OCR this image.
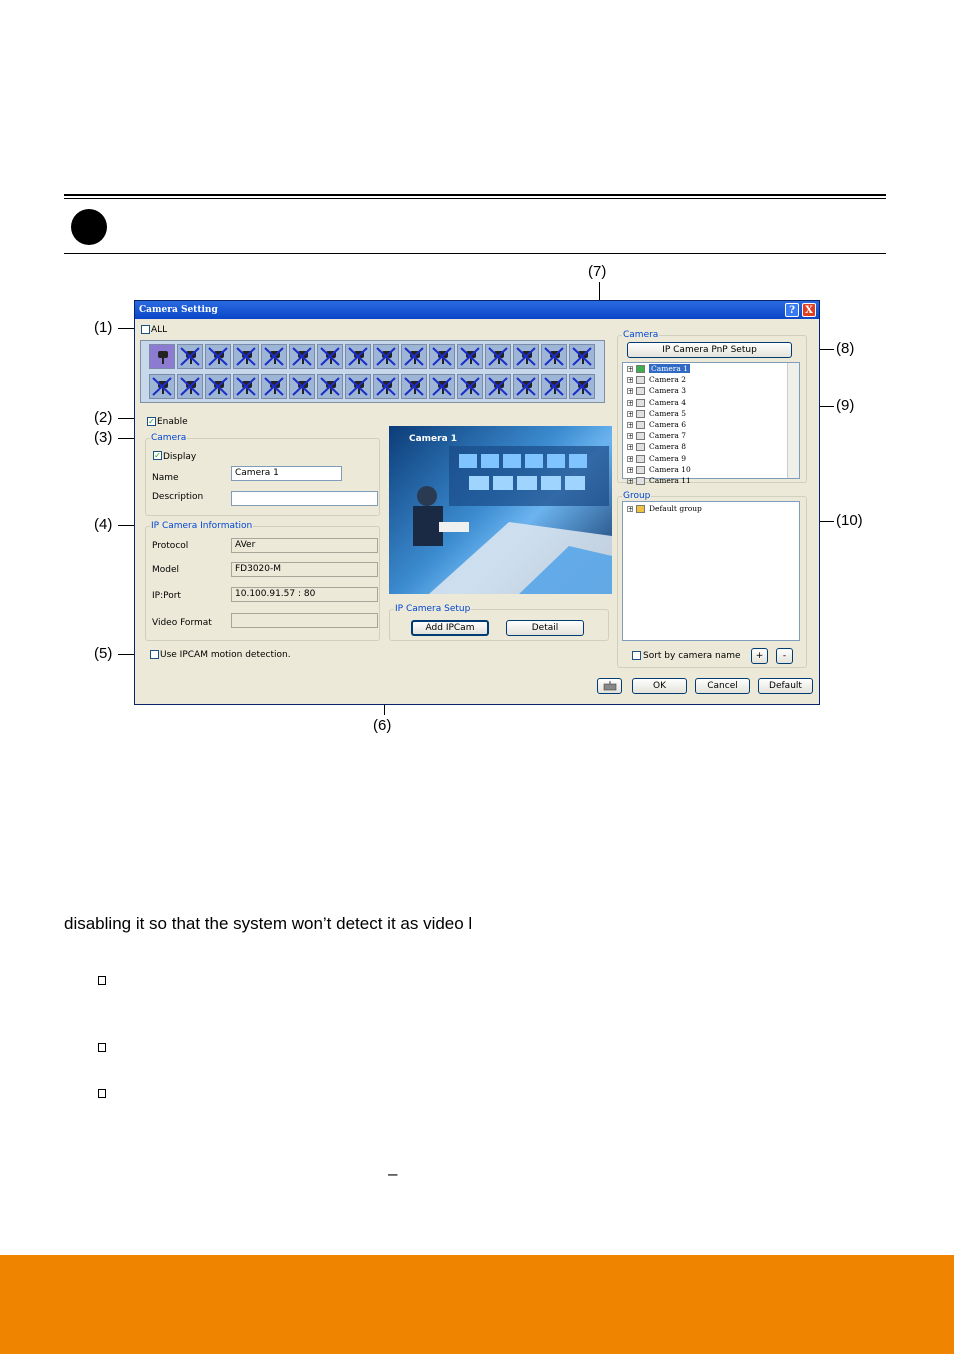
(1)
(2)
(3)
(4)
(5)
(6)
(7)
(8)
(9)
(10)
Camera Setting	?	X
ALL
✓ Enable
Camera
✓ Display
Name	Camera 1
Description
IP Camera Information
Protocol	AVer
Model	FD3020-M
IP:Port	10.100.91.57 : 80
Video Format
Use IPCAM motion detection.
Camera 1
IP Camera Setup
Add IPCam	Detail
Camera
IP Camera PnP Setup
+ Camera 1
+ Camera 2
+ Camera 3
+ Camera 4
+ Camera 5
+ Camera 6
+ Camera 7
+ Camera 8
+ Camera 9
+ Camera 10
+ Camera 11
Group
+ Default group
Sort by camera name	+	-
OK	Cancel	Default
disabling it so that the system won’t detect it as video l
–
